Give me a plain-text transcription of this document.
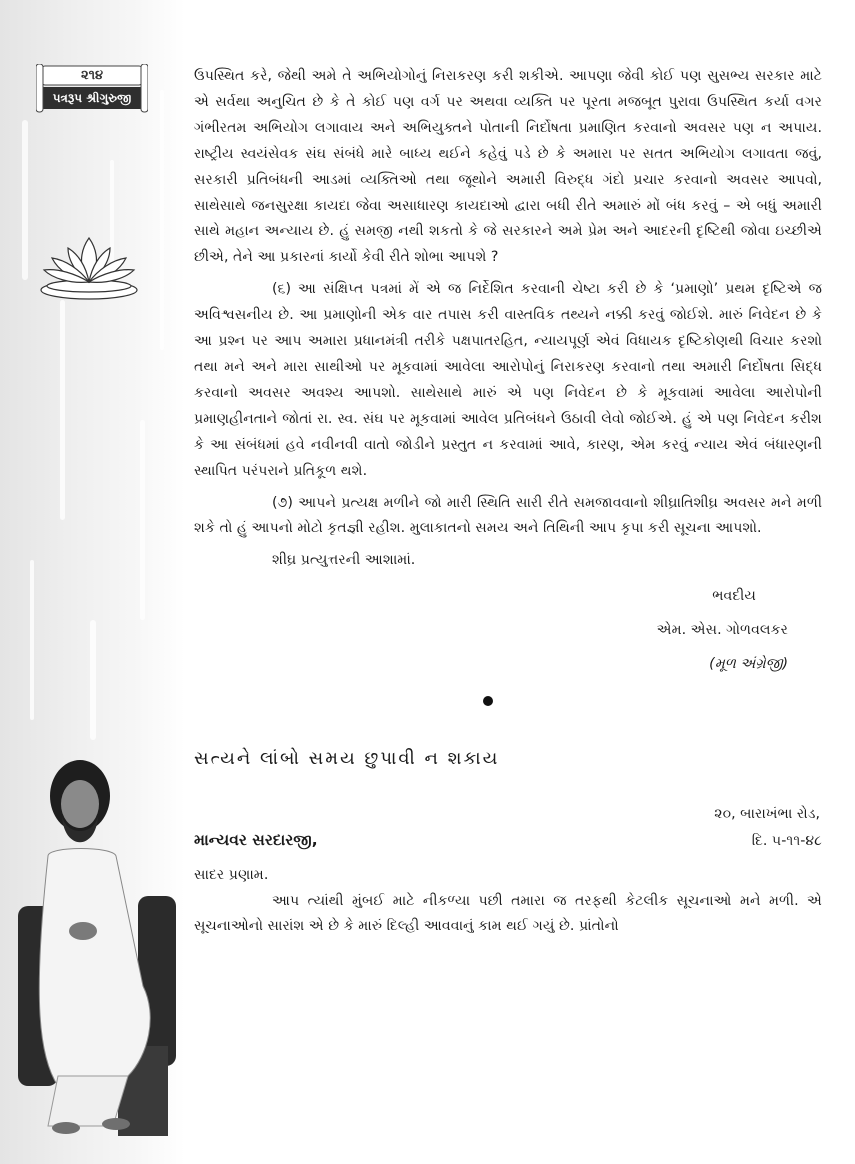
૨૧૪
પત્રરૂપ શ્રીગુરુજી

ઉપસ્થિત કરે, જેથી અમે તે અભિયોગોનું નિરાકરણ કરી શકીએ. આપણા જેવી કોઈ પણ સુસભ્ય સરકાર માટે એ સર્વથા અનુચિત છે કે તે કોઈ પણ વર્ગ પર અથવા વ્યક્તિ પર પૂરતા મજબૂત પુરાવા ઉપસ્થિત કર્યા વગર ગંભીરતમ અભિયોગ લગાવાય અને અભિયુક્તને પોતાની નિર્દોષતા પ્રમાણિત કરવાનો અવસર પણ ન અપાય. રાષ્ટ્રીય સ્વયંસેવક સંઘ સંબંધે મારે બાધ્ય થઈને કહેવું પડે છે કે અમારા પર સતત અભિયોગ લગાવતા જવું, સરકારી પ્રતિબંધની આડમાં વ્યક્તિઓ તથા જૂથોને અમારી વિરુદ્ધ ગંદો પ્રચાર કરવાનો અવસર આપવો, સાથેસાથે જનસુરક્ષા કાયદા જેવા અસાધારણ કાયદાઓ દ્વારા બધી રીતે અમારું મોં બંધ કરવું – એ બધું અમારી સાથે મહાન અન્યાય છે. હું સમજી નથી શકતો કે જે સરકારને અમે પ્રેમ અને આદરની દૃષ્ટિથી જોવા ઇચ્છીએ છીએ, તેને આ પ્રકારનાં કાર્યો કેવી રીતે શોભા આપશે ?

(૬) આ સંક્ષિપ્ત પત્રમાં મેં એ જ નિર્દેશિત કરવાની ચેષ્ટા કરી છે કે ‘પ્રમાણો’ પ્રથમ દૃષ્ટિએ જ અવિશ્વસનીય છે. આ પ્રમાણોની એક વાર તપાસ કરી વાસ્તવિક તથ્યને નક્કી કરવું જોઈશે. મારું નિવેદન છે કે આ પ્રશ્ન પર આપ અમારા પ્રધાનમંત્રી તરીકે પક્ષપાતરહિત, ન્યાયપૂર્ણ એવં વિધાયક દૃષ્ટિકોણથી વિચાર કરશો તથા મને અને મારા સાથીઓ પર મૂકવામાં આવેલા આરોપોનું નિરાકરણ કરવાનો તથા અમારી નિર્દોષતા સિદ્ધ કરવાનો અવસર અવશ્ય આપશો. સાથેસાથે મારું એ પણ નિવેદન છે કે મૂકવામાં આવેલા આરોપોની પ્રમાણહીનતાને જોતાં રા. સ્વ. સંઘ પર મૂકવામાં આવેલ પ્રતિબંધને ઉઠાવી લેવો જોઈએ. હું એ પણ નિવેદન કરીશ કે આ સંબંધમાં હવે નવીનવી વાતો જોડીને પ્રસ્તુત ન કરવામાં આવે, કારણ, એમ કરવું ન્યાય એવં બંધારણની સ્થાપિત પરંપરાને પ્રતિકૂળ થશે.

(૭) આપને પ્રત્યક્ષ મળીને જો મારી સ્થિતિ સારી રીતે સમજાવવાનો શીઘ્રાતિશીઘ્ર અવસર મને મળી શકે તો હું આપનો મોટો કૃતજ્ઞી રહીશ. મુલાકાતનો સમય અને તિથિની આપ કૃપા કરી સૂચના આપશો.

શીઘ્ર પ્રત્યુત્તરની આશામાં.

ભવદીય

એમ. એસ. ગોળવલકર

(મૂળ અંગ્રેજી)

સત્યને લાંબો સમય છુપાવી ન શકાય

૨૦, બારાખંભા રોડ,

માન્યવર સરદારજી,	દિ. ૫-૧૧-૪૮

સાદર પ્રણામ.

આપ ત્યાંથી મુંબઈ માટે નીકળ્યા પછી તમારા જ તરફથી કેટલીક સૂચનાઓ મને મળી. એ સૂચનાઓનો સારાંશ એ છે કે મારું દિલ્હી આવવાનું કામ થઈ ગયું છે. પ્રાંતોનો
